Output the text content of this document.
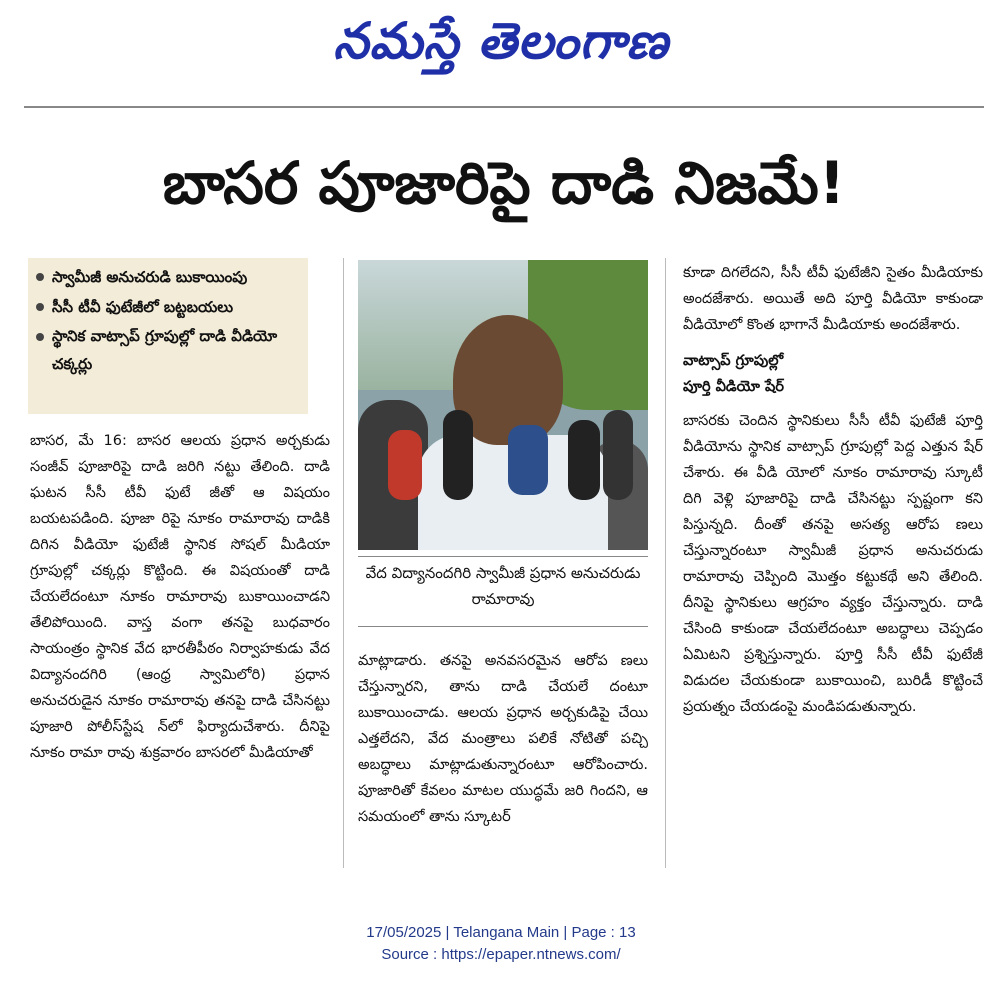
నమస్తే తెలంగాణ
బాసర పూజారిపై దాడి నిజమే!
స్వామీజీ అనుచరుడి బుకాయింపు
సీసీ టీవీ ఫుటేజీలో బట్టబయలు
స్థానిక వాట్సాప్ గ్రూపుల్లో దాడి వీడియో చక్కర్లు
వేద విద్యానందగిరి స్వామీజీ ప్రధాన అనుచరుడు రామారావు

బాసర, మే 16: బాసర ఆలయ ప్రధాన అర్చకుడు సంజీవ్ పూజారిపై దాడి జరిగి నట్టు తేలింది. దాడి ఘటన సీసీ టీవీ ఫుటే జీతో ఆ విషయం బయటపడింది. పూజా రిపై నూకం రామారావు దాడికి దిగిన వీడియో ఫుటేజీ స్థానిక సోషల్ మీడియా గ్రూపుల్లో చక్కర్లు కొట్టింది. ఈ విషయంతో దాడి చేయలేదంటూ నూకం రామారావు బుకాయించాడని తేలిపోయింది. వాస్త వంగా తనపై బుధవారం సాయంత్రం స్థానిక వేద భారతీపీఠం నిర్వాహకుడు వేద విద్యానందగిరి (ఆంధ్ర స్వామిలోరి) ప్రధాన అనుచరుడైన నూకం రామారావు తనపై దాడి చేసినట్టు పూజారి పోలీస్‌స్టేష న్‌లో ఫిర్యాదుచేశారు. దీనిపై నూకం రామా రావు శుక్రవారం బాసరలో మీడియాతో

మాట్లాడారు. తనపై అనవసరమైన ఆరోప ణలు చేస్తున్నారని, తాను దాడి చేయలే దంటూ బుకాయించాడు. ఆలయ ప్రధాన అర్చకుడిపై చేయి ఎత్తలేదని, వేద మంత్రాలు పలికే నోటితో పచ్చి అబద్ధాలు మాట్లాడుతున్నారంటూ ఆరోపించారు. పూజారితో కేవలం మాటల యుద్ధమే జరి గిందని, ఆ సమయంలో తాను స్కూటర్

కూడా దిగలేదని, సీసీ టీవీ ఫుటేజీని సైతం మీడియాకు అందజేశారు. అయితే అది పూర్తి వీడియో కాకుండా వీడియోలో కొంత భాగానే మీడియాకు అందజేశారు.

వాట్సాప్ గ్రూపుల్లో
పూర్తి వీడియో షేర్

బాసరకు చెందిన స్థానికులు సీసీ టీవీ ఫుటేజీ పూర్తి వీడియోను స్థానిక వాట్సాప్ గ్రూపుల్లో పెద్ద ఎత్తున షేర్ చేశారు. ఈ వీడి యోలో నూకం రామారావు స్కూటీ దిగి వెళ్లి పూజారిపై దాడి చేసినట్టు స్పష్టంగా కని పిస్తున్నది. దీంతో తనపై అసత్య ఆరోప ణలు చేస్తున్నారంటూ స్వామీజీ ప్రధాన అనుచరుడు రామారావు చెప్పింది మొత్తం కట్టుకథే అని తేలింది. దీనిపై స్థానికులు ఆగ్రహం వ్యక్తం చేస్తున్నారు. దాడి చేసింది కాకుండా చేయలేదంటూ అబద్ధాలు చెప్పడం ఏమిటని ప్రశ్నిస్తున్నారు. పూర్తి సీసీ టీవీ ఫుటేజీ విడుదల చేయకుండా బుకాయించి, బురిడీ కొట్టించే ప్రయత్నం చేయడంపై మండిపడుతున్నారు.

17/05/2025 | Telangana Main | Page : 13
Source : https://epaper.ntnews.com/
